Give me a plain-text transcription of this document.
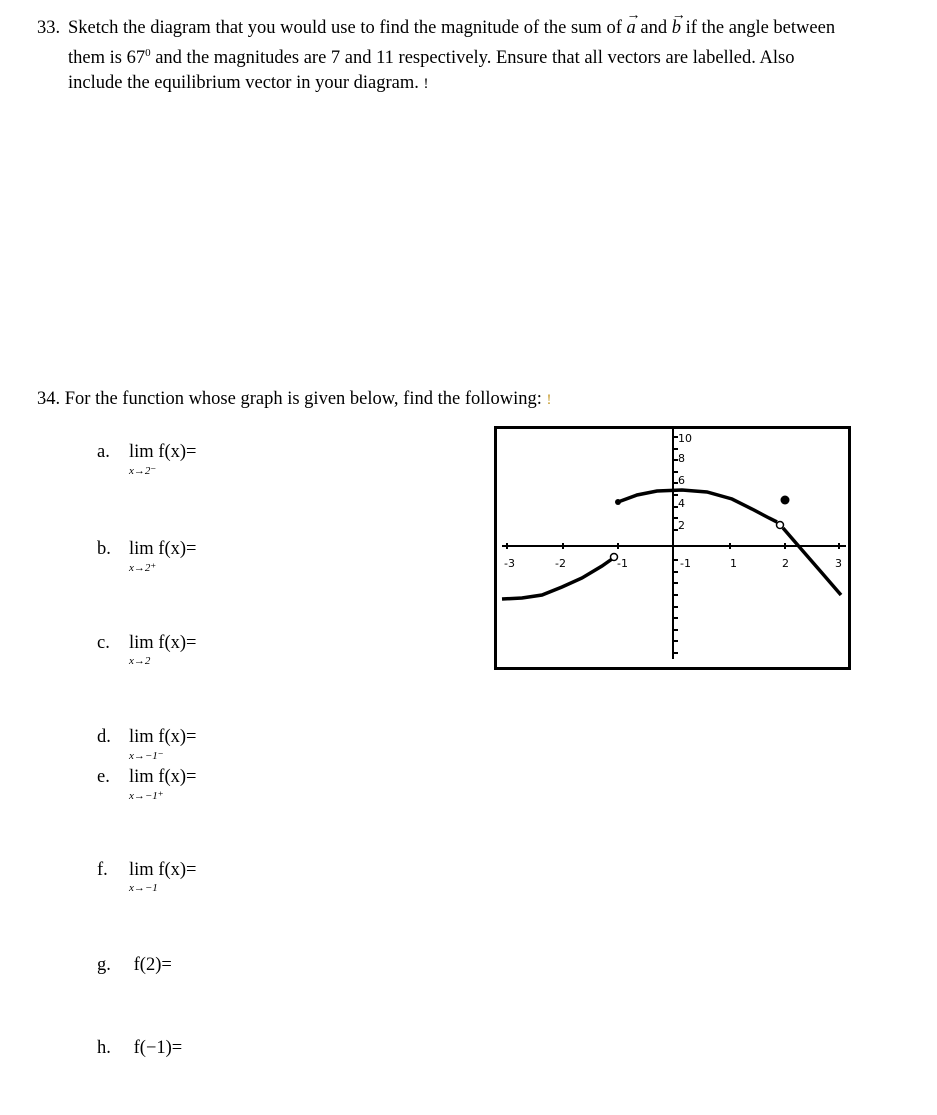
33. Sketch the diagram that you would use to find the magnitude of the sum of → a and → b if the angle between
them is $67^0$ and the magnitudes are 7 and 11 respectively. Ensure that all vectors are labelled. Also
include the equilibrium vector in your diagram. !
34. For the function whose graph is given below, find the following: !
a. lim
x→2⁻
f(x)=
b. lim
x→2⁺
f(x)=
c. lim
x→2
f(x)=
d. lim
x→−1⁻
f(x)=
e. lim
x→−1⁺
f(x)=
f. lim
x→−1
f(x)=
g. f(2)=
h. f(−1)=
-3	-2	-1	-1	1	2	3
10
8
6
4
2
